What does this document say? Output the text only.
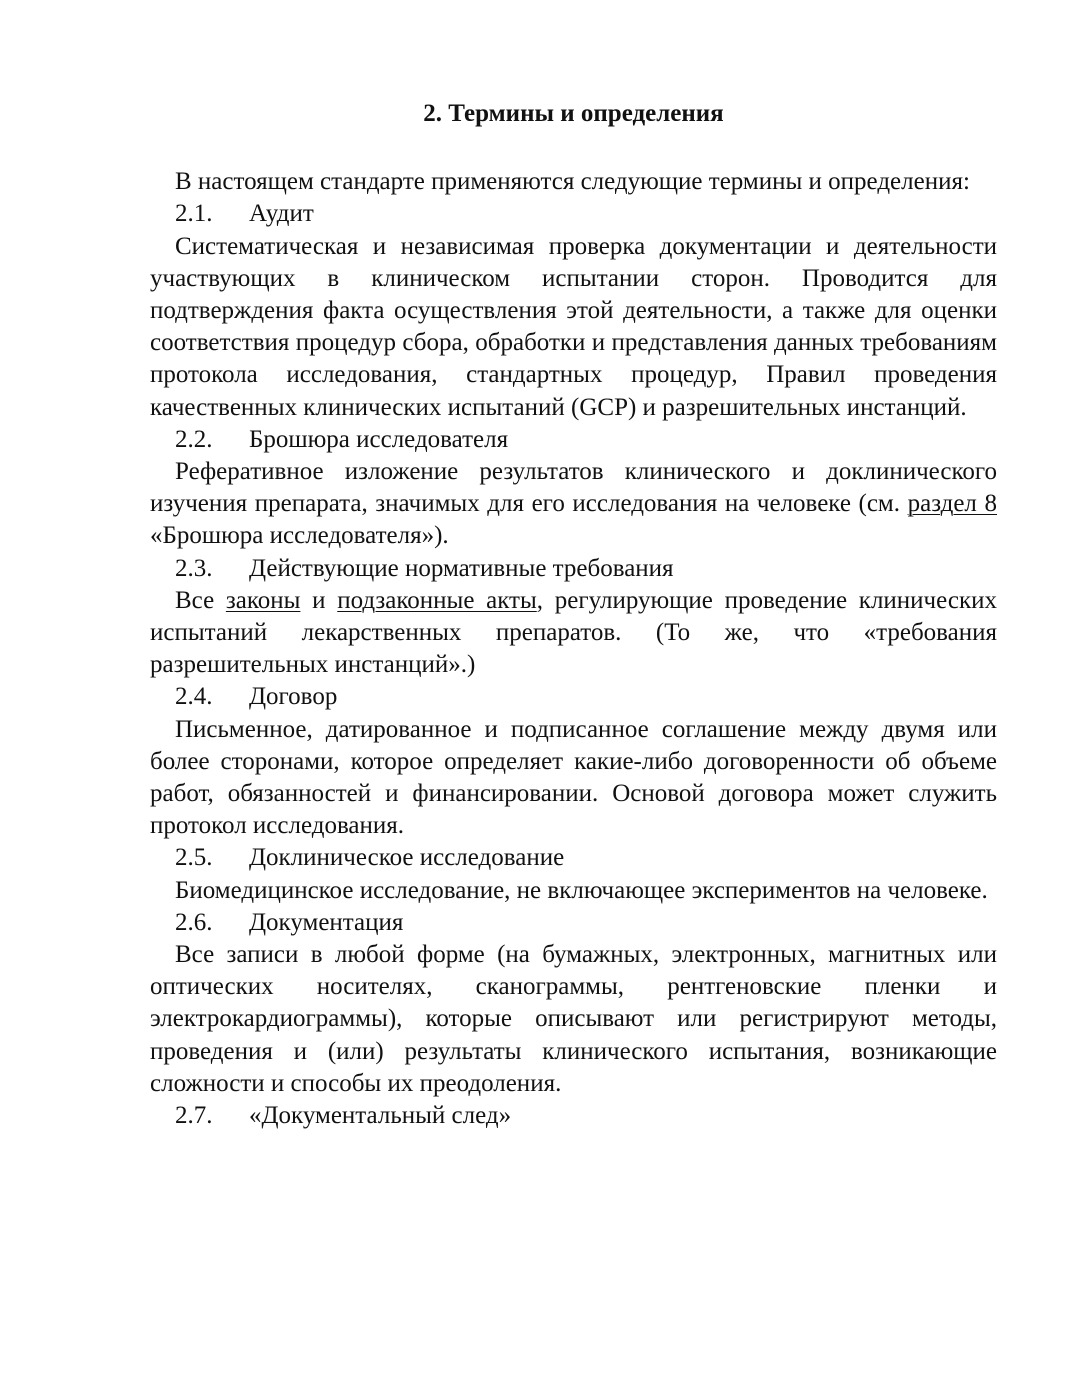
2. Термины и определения

В настоящем стандарте применяются следующие термины и определения:

2.1. Аудит

Систематическая и независимая проверка документации и деятельности участвующих в клиническом испытании сторон. Проводится для подтверждения факта осуществления этой деятельности, а также для оценки соответствия процедур сбора, обработки и представления данных требованиям протокола исследования, стандартных процедур, Правил проведения качественных клинических испытаний (GCP) и разрешительных инстанций.

2.2. Брошюра исследователя

Реферативное изложение результатов клинического и доклинического изучения препарата, значимых для его исследования на человеке (см. раздел 8 «Брошюра исследователя»).

2.3. Действующие нормативные требования

Все законы и подзаконные акты, регулирующие проведение клинических испытаний лекарственных препаратов. (То же, что «требования разрешительных инстанций».)

2.4. Договор

Письменное, датированное и подписанное соглашение между двумя или более сторонами, которое определяет какие-либо договоренности об объеме работ, обязанностей и финансировании. Основой договора может служить протокол исследования.

2.5. Доклиническое исследование

Биомедицинское исследование, не включающее экспериментов на человеке.

2.6. Документация

Все записи в любой форме (на бумажных, электронных, магнитных или оптических носителях, сканограммы, рентгеновские пленки и электрокардиограммы), которые описывают или регистрируют методы, проведения и (или) результаты клинического испытания, возникающие сложности и способы их преодоления.

2.7. «Документальный след»
